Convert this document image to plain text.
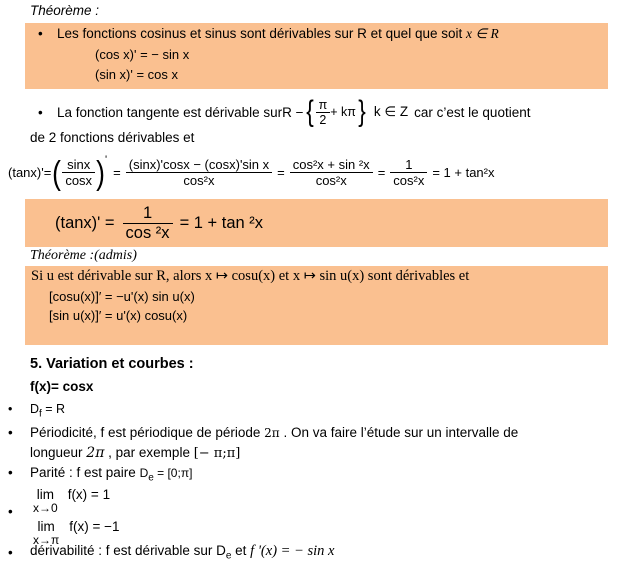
Théorème :
•	Les fonctions cosinus et sinus sont dérivables sur R et quel que soit x ∈ R
(cos x)' = − sin x
(sin x)' = cos x
•	La fonction tangente est dérivable sur R − { $\frac{\pi}{2} + k\pi$ } k ∈ Z car c’est le quotient
de 2 fonctions dérivables et
(tanx)'= ( $\frac{\sin x}{\cos x}$ ) '
= $\frac{\text{(sinx)'cosx − (cosx)'sin x}}{\text{cos²x}} = \frac{\text{cos²x + sin ²x}}{\text{cos²x}} = \frac{1}{\text{cos²x}} = 1 + \tan^2x$
$(\tan x)' = \frac{1}{\text{cos ²x}} = 1 + \tan ^2x$
Théorème :(admis)
Si u est dérivable sur R, alors x ↦ cosu(x) et x ↦ sin u(x) sont dérivables et
[cosu(x)]′ = −u'(x) sin u(x)
[sin u(x)]′ = u'(x) cosu(x)
5. Variation et courbes :
f(x)= cosx
•	$D_f = R$
•	Périodicité, f est périodique de période 2π . On va faire l’étude sur un intervalle de
longueur 2π , par exemple [− π;π]
•	Parité : f est paire $D_e$ = [0;π]
•
lim
x→0
f(x) = 1
lim
x→π
f(x) = −1
•	dérivabilité : f est dérivable sur $D_e$ et f '(x) = − sin x
